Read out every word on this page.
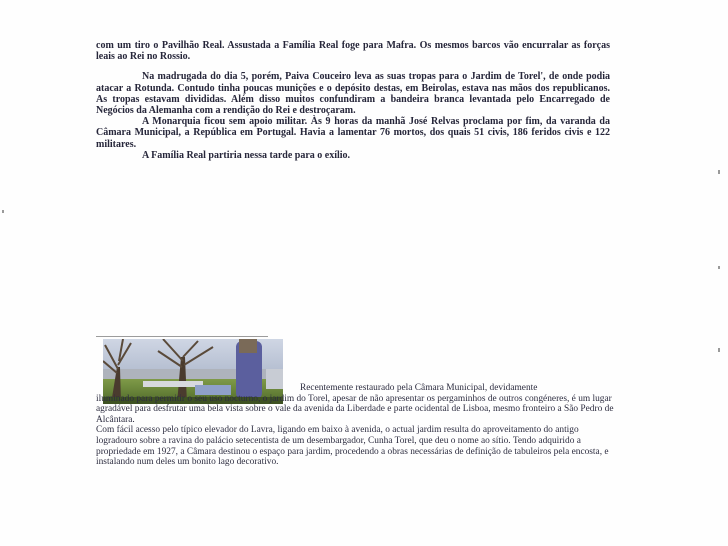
com um tiro o Pavilhão Real. Assustada a Família Real foge para Mafra. Os mesmos barcos vão encurralar as forças leais ao Rei no Rossio.

Na madrugada do dia 5, porém, Paiva Couceiro leva as suas tropas para o Jardim de Torel', de onde podia atacar a Rotunda. Contudo tinha poucas munições e o depósito destas, em Beirolas, estava nas mãos dos republicanos. As tropas estavam divididas. Além disso muitos confundiram a bandeira branca levantada pelo Encarregado de Negócios da Alemanha com a rendição do Rei e destroçaram.

A Monarquia ficou sem apoio militar. Às 9 horas da manhã José Relvas proclama por fim, da varanda da Câmara Municipal, a República em Portugal. Havia a lamentar 76 mortos, dos quais 51 civis, 186 feridos civis e 122 militares.

A Família Real partiria nessa tarde para o exílio.

Recentemente restaurado pela Câmara Municipal, devidamente
iluminado para permitir o seu uso nocturno, o jardim do Torel, apesar de não apresentar os pergaminhos de outros congéneres, é um lugar agradável para desfrutar uma bela vista sobre o vale da avenida da Liberdade e parte ocidental de Lisboa, mesmo fronteiro a São Pedro de Alcântara.
Com fácil acesso pelo típico elevador do Lavra, ligando em baixo à avenida, o actual jardim resulta do aproveitamento do antigo logradouro sobre a ravina do palácio setecentista de um desembargador, Cunha Torel, que deu o nome ao sítio. Tendo adquirido a propriedade em 1927, a Câmara destinou o espaço para jardim, procedendo a obras necessárias de definição de tabuleiros pela encosta, e instalando num deles um bonito lago decorativo.
